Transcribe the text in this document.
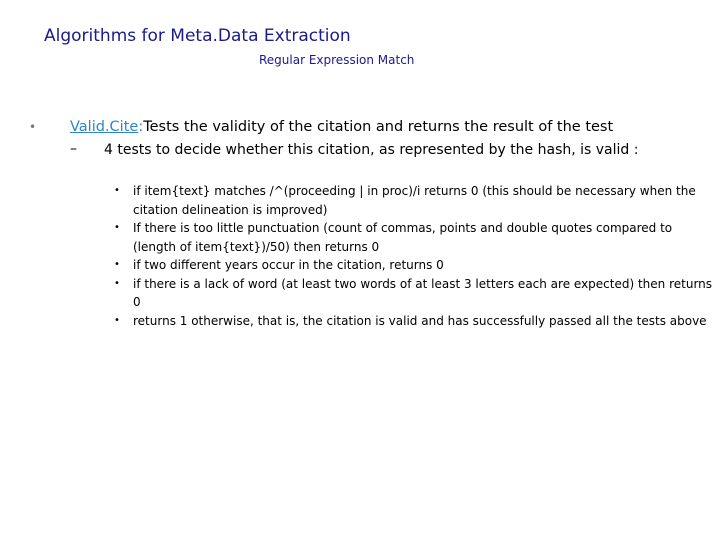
Algorithms for Meta.Data Extraction
Regular Expression Match
• Valid.Cite:Tests the validity of the citation and returns the result of the test
– 4 tests to decide whether this citation, as represented by the hash, is valid :
• if item{text} matches /^(proceeding | in proc)/i returns 0 (this should be necessary when the citation delineation is improved)
• If there is too little punctuation (count of commas, points and double quotes compared to (length of item{text})/50) then returns 0
• if two different years occur in the citation, returns 0
• if there is a lack of word (at least two words of at least 3 letters each are expected) then returns 0
• returns 1 otherwise, that is, the citation is valid and has successfully passed all the tests above
